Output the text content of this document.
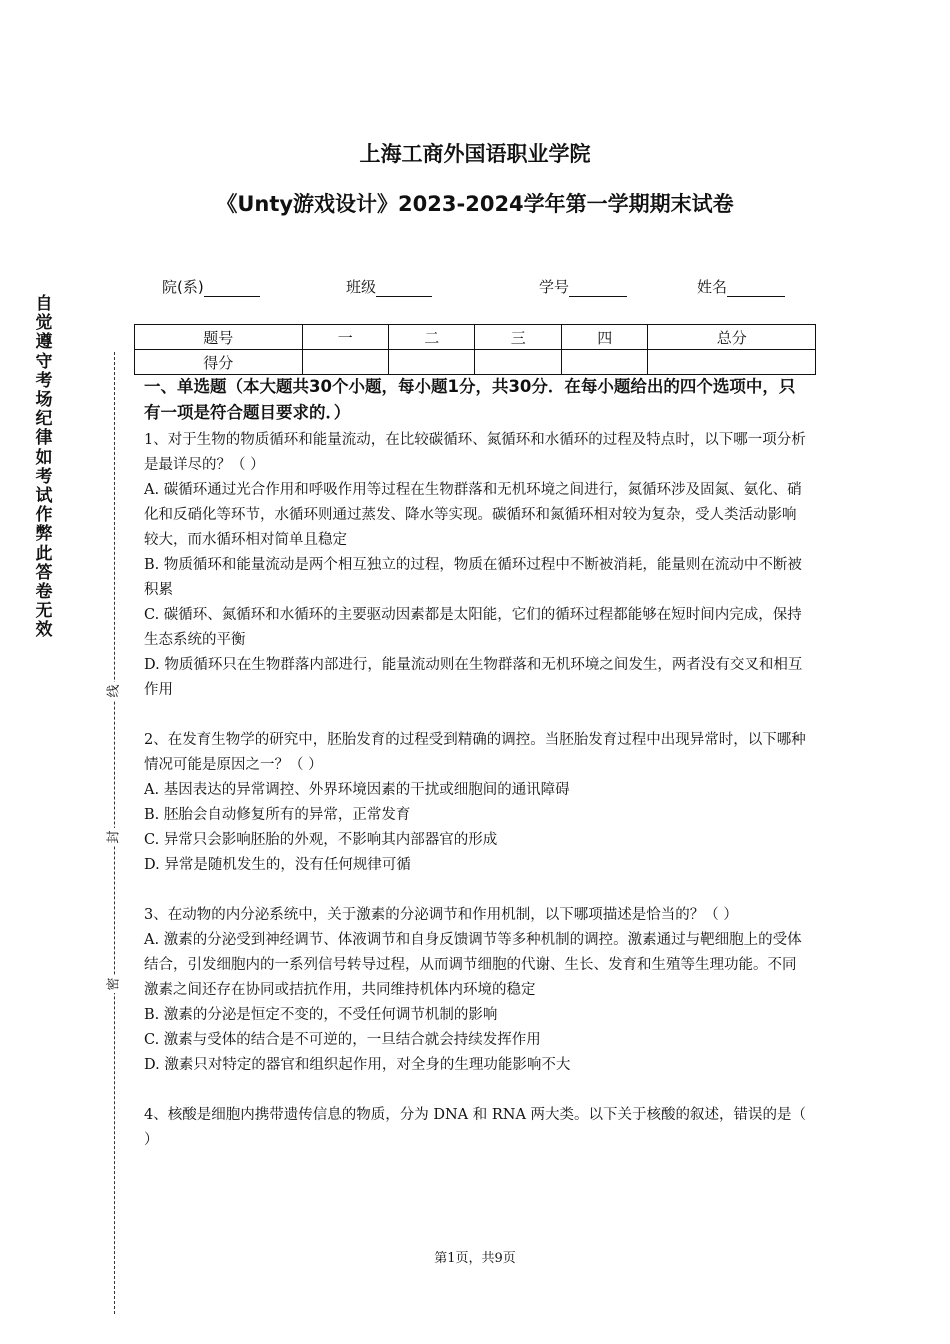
上海工商外国语职业学院
《Unty游戏设计》2023-2024学年第一学期期末试卷
院(系)	班级	学号	姓名
题号	一	二	三	四	总分
得分					
自觉遵守考场纪律如考试作弊此答卷无效
线
封
密
一、单选题（本大题共30个小题，每小题1分，共30分．在每小题给出的四个选项中，只有一项是符合题目要求的．）
1、对于生物的物质循环和能量流动，在比较碳循环、氮循环和水循环的过程及特点时，以下哪一项分析是最详尽的？（ ）
A. 碳循环通过光合作用和呼吸作用等过程在生物群落和无机环境之间进行，氮循环涉及固氮、氨化、硝化和反硝化等环节，水循环则通过蒸发、降水等实现。碳循环和氮循环相对较为复杂，受人类活动影响较大，而水循环相对简单且稳定
B. 物质循环和能量流动是两个相互独立的过程，物质在循环过程中不断被消耗，能量则在流动中不断被积累
C. 碳循环、氮循环和水循环的主要驱动因素都是太阳能，它们的循环过程都能够在短时间内完成，保持生态系统的平衡
D. 物质循环只在生物群落内部进行，能量流动则在生物群落和无机环境之间发生，两者没有交叉和相互作用
2、在发育生物学的研究中，胚胎发育的过程受到精确的调控。当胚胎发育过程中出现异常时，以下哪种情况可能是原因之一？（ ）
A. 基因表达的异常调控、外界环境因素的干扰或细胞间的通讯障碍
B. 胚胎会自动修复所有的异常，正常发育
C. 异常只会影响胚胎的外观，不影响其内部器官的形成
D. 异常是随机发生的，没有任何规律可循
3、在动物的内分泌系统中，关于激素的分泌调节和作用机制，以下哪项描述是恰当的？（ ）
A. 激素的分泌受到神经调节、体液调节和自身反馈调节等多种机制的调控。激素通过与靶细胞上的受体结合，引发细胞内的一系列信号转导过程，从而调节细胞的代谢、生长、发育和生殖等生理功能。不同激素之间还存在协同或拮抗作用，共同维持机体内环境的稳定
B. 激素的分泌是恒定不变的，不受任何调节机制的影响
C. 激素与受体的结合是不可逆的，一旦结合就会持续发挥作用
D. 激素只对特定的器官和组织起作用，对全身的生理功能影响不大
4、核酸是细胞内携带遗传信息的物质，分为 DNA 和 RNA 两大类。以下关于核酸的叙述，错误的是（ ）
第1页，共9页
